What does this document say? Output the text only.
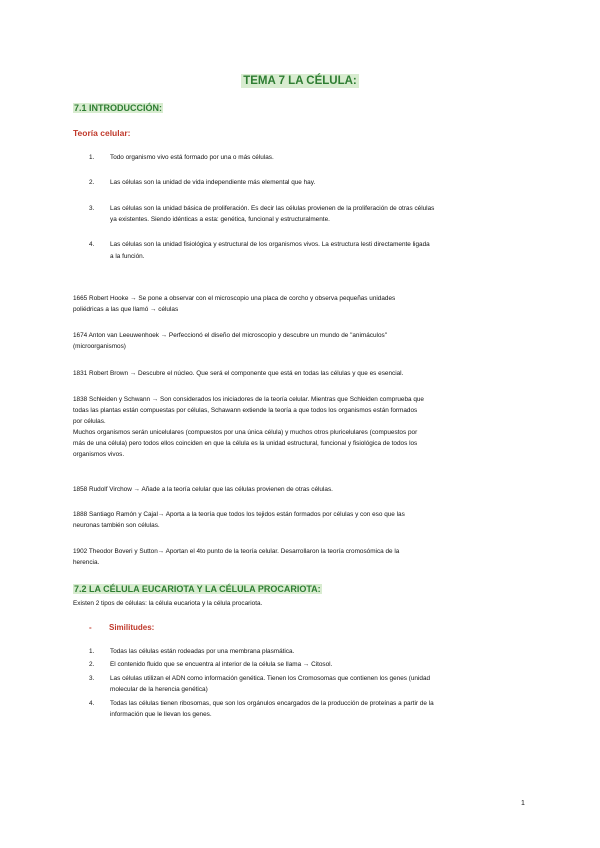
TEMA 7 LA CÉLULA:
7.1 INTRODUCCIÓN:
Teoría celular:
1. Todo organismo vivo está formado por una o más células.
2. Las células son la unidad de vida independiente más elemental que hay.
3. Las células son la unidad básica de proliferación. Es decir las células provienen de la proliferación de otras células
ya existentes. Siendo idénticas a esta: genética, funcional y estructuralmente.
4. Las células son la unidad fisiológica y estructural de los organismos vivos. La estructura lesti directamente ligada
a la función.
1665 Robert Hooke → Se pone a observar con el microscopio una placa de corcho y observa pequeñas unidades
poliédricas a las que llamó → células
1674 Anton van Leeuwenhoek → Perfeccionó el diseño del microscopio y descubre un mundo de "animáculos"
(microorganismos)
1831 Robert Brown → Descubre el núcleo. Que será el componente que está en todas las células y que es esencial.
1838 Schleiden y Schwann → Son considerados los iniciadores de la teoría celular. Mientras que Schleiden comprueba que
todas las plantas están compuestas por células, Schawann extiende la teoría a que todos los organismos están formados
por células.
Muchos organismos serán unicelulares (compuestos por una única célula) y muchos otros pluricelulares (compuestos por
más de una célula) pero todos ellos coinciden en que la célula es la unidad estructural, funcional y fisiológica de todos los
organismos vivos.
1858 Rudolf Virchow → Añade a la teoría celular que las células provienen de otras células.
1888 Santiago Ramón y Cajal→ Aporta a la teoría que todos los tejidos están formados por células y con eso que las
neuronas también son células.
1902 Theodor Boveri y Sutton→ Aportan el 4to punto de la teoría celular. Desarrollaron la teoría cromosómica de la
herencia.
7.2 LA CÉLULA EUCARIOTA Y LA CÉLULA PROCARIOTA:
Existen 2 tipos de células: la célula eucariota y la célula procariota.
- Similitudes:
1. Todas las células están rodeadas por una membrana plasmática.
2. El contenido fluido que se encuentra al interior de la célula se llama → Citosol.
3. Las células utilizan el ADN como información genética. Tienen los Cromosomas que contienen los genes (unidad
molecular de la herencia genética)
4. Todas las células tienen ribosomas, que son los orgánulos encargados de la producción de proteínas a partir de la
información que le llevan los genes.
1
